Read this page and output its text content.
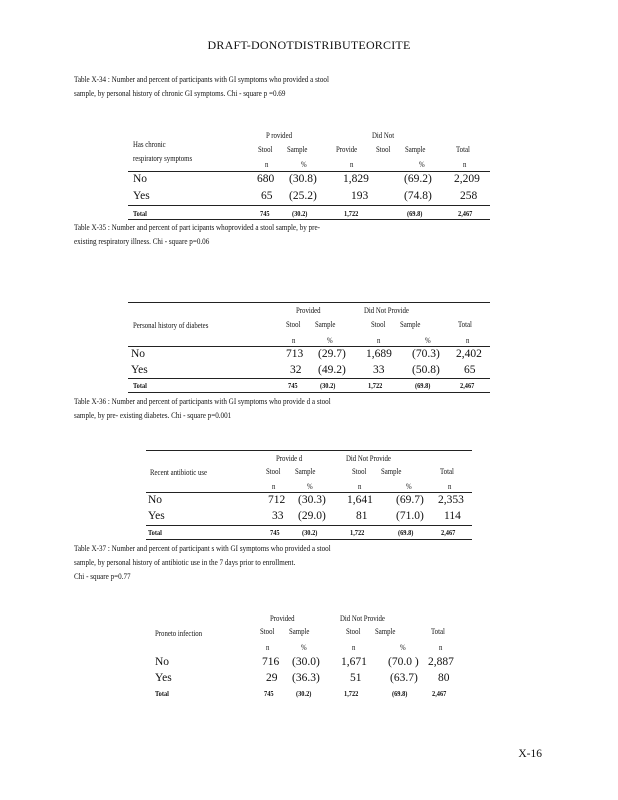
DRAFT-DONOTDISTRIBUTEORCITE
Table X-34 : Number and percent of participants with GI symptoms who provided a stool
sample, by personal history of chronic GI symptoms. Chi - square p =0.69
P rovided	Did Not
Has chronic
respiratory symptoms
Stool Sample	Provide Stool Sample	Total
n	%	n	%	n
No	680 (30.8) 1,829	(69.2) 2,209
Yes	65 (25.2)	193	(74.8) 258
Total	745	(30.2)	1,722	(69.8)	2,467
Table X-35 : Number and percent of part icipants whoprovided a stool sample, by pre-
existing respiratory illness. Chi - square p=0.06
Provided	Did Not Provide
Personal history of diabetes	Stool Sample	Stool Sample	Total
n	%	n	%	n
No	713 (29.7) 1,689 (70.3) 2,402
Yes	32 (49.2) 33 (50.8) 65
Total	745	(30.2)	1,722	(69.8)	2,467
Table X-36 : Number and percent of participants with GI symptoms who provide d a stool
sample, by pre- existing diabetes. Chi - square p=0.001
Provide d	Did Not Provide
Recent antibiotic use	Stool Sample	Stool Sample	Total
n	%	n	%	n
No	712 (30.3) 1,641 (69.7) 2,353
Yes	33 (29.0)	81 (71.0) 114
Total	745	(30.2)	1,722	(69.8)	2,467
Table X-37 : Number and percent of participant s with GI symptoms who provided a stool
sample, by personal history of antibiotic use in the 7 days prior to enrollment.
Chi - square p=0.77
Provided	Did Not Provide
Proneto infection	Stool Sample	Stool Sample	Total
n	%	n	%	n
No	716 (30.0) 1,671 (70.0 ) 2,887
Yes	29 (36.3)	51 (63.7) 80
Total	745	(30.2)	1,722	(69.8)	2,467
X-16
